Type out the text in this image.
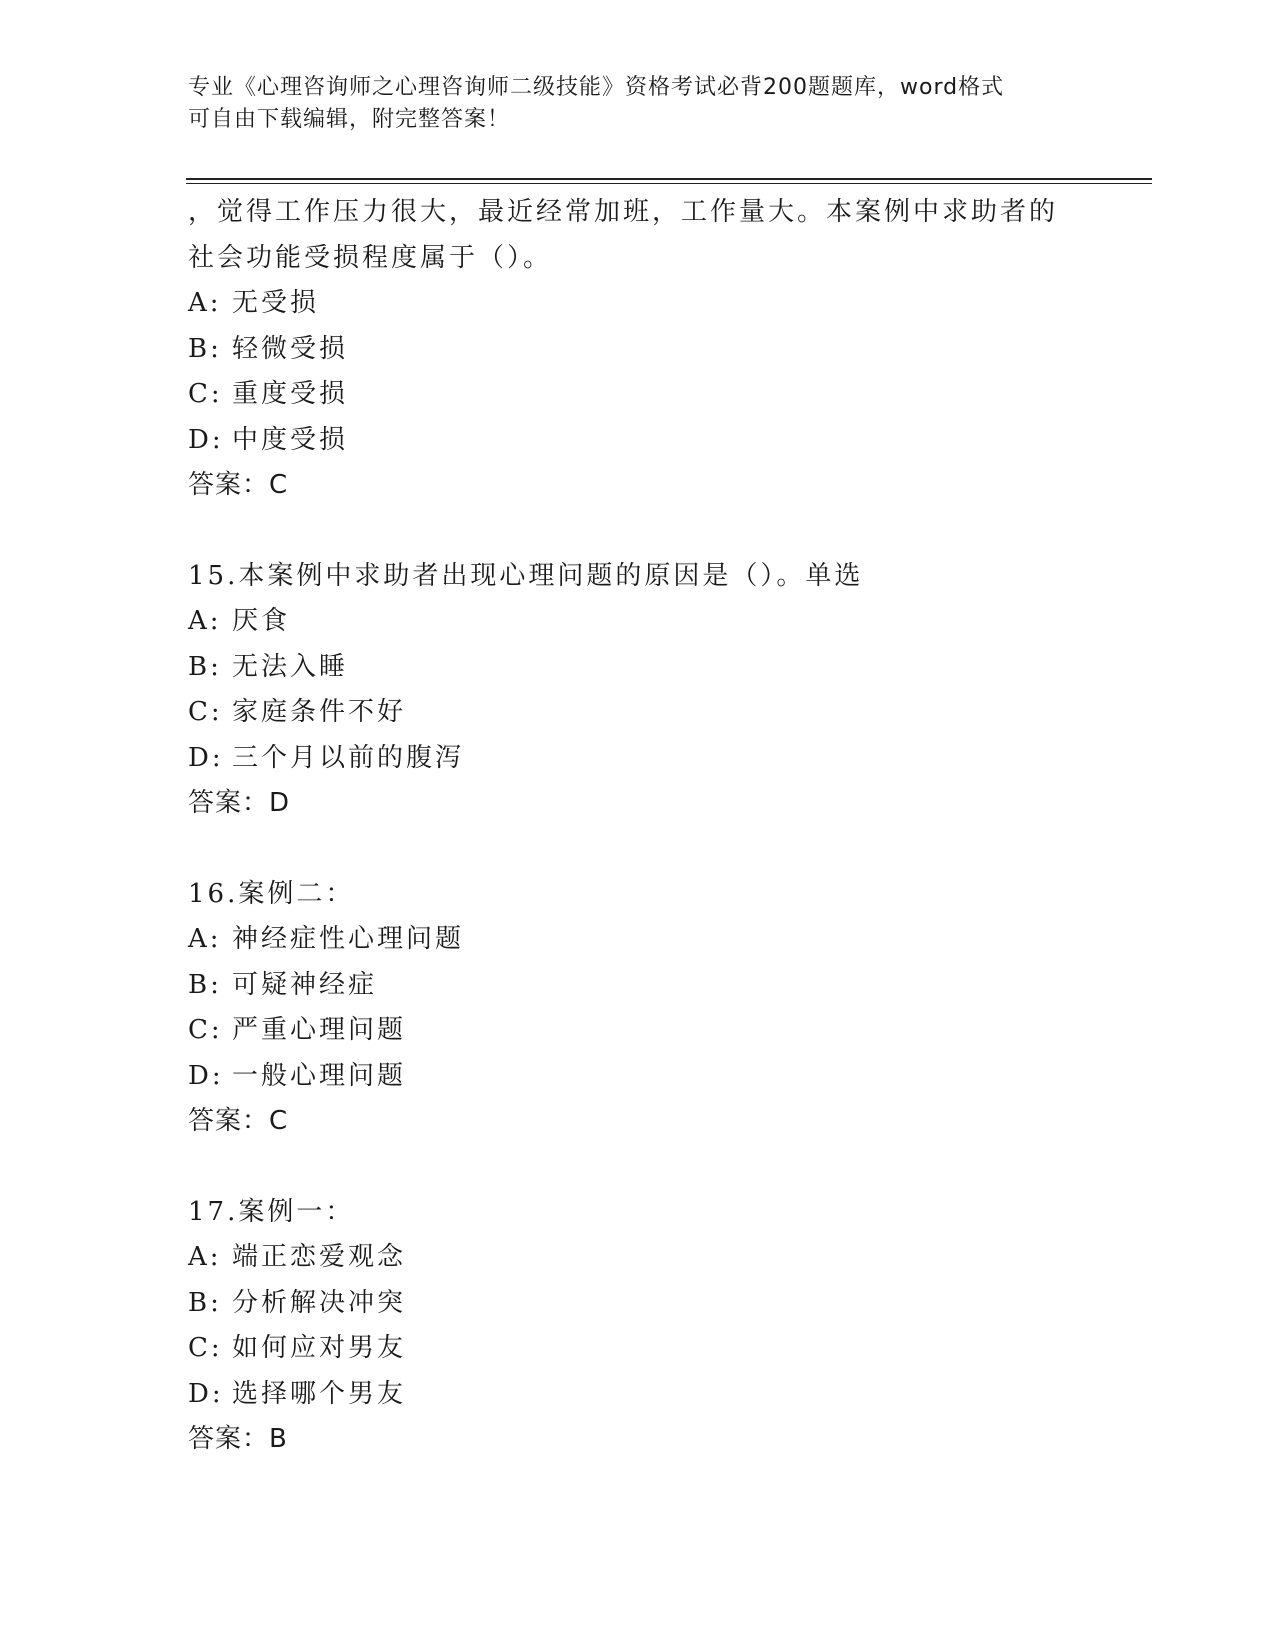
专业《心理咨询师之心理咨询师二级技能》资格考试必背200题题库，word格式
可自由下载编辑，附完整答案！
，觉得工作压力很大，最近经常加班，工作量大。本案例中求助者的
社会功能受损程度属于（）。
A: 无受损
B: 轻微受损
C: 重度受损
D: 中度受损
答案：C
15.本案例中求助者出现心理问题的原因是（）。单选
A: 厌食
B: 无法入睡
C: 家庭条件不好
D: 三个月以前的腹泻
答案：D
16.案例二：
A: 神经症性心理问题
B: 可疑神经症
C: 严重心理问题
D: 一般心理问题
答案：C
17.案例一：
A: 端正恋爱观念
B: 分析解决冲突
C: 如何应对男友
D: 选择哪个男友
答案：B
